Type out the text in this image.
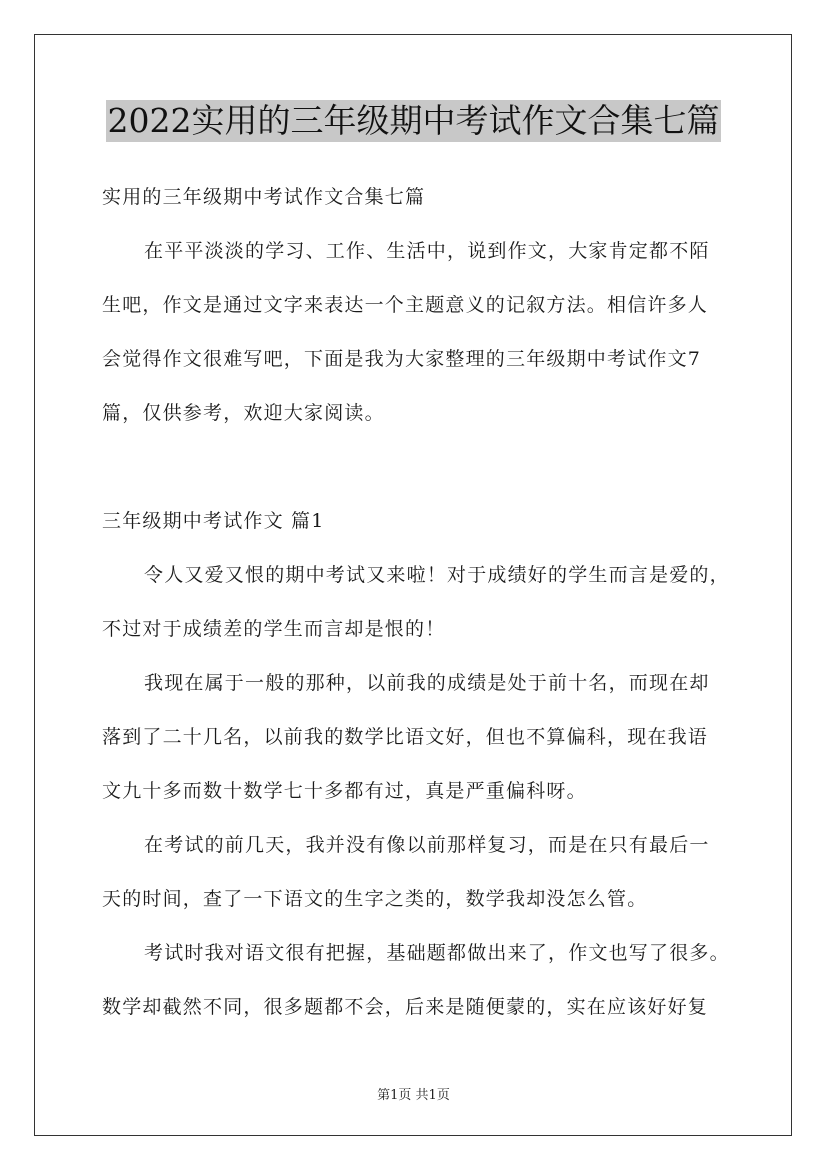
2022实用的三年级期中考试作文合集七篇
实用的三年级期中考试作文合集七篇
在平平淡淡的学习、工作、生活中，说到作文，大家肯定都不陌
生吧，作文是通过文字来表达一个主题意义的记叙方法。相信许多人
会觉得作文很难写吧，下面是我为大家整理的三年级期中考试作文7
篇，仅供参考，欢迎大家阅读。
三年级期中考试作文 篇1
令人又爱又恨的期中考试又来啦！对于成绩好的学生而言是爱的，
不过对于成绩差的学生而言却是恨的！
我现在属于一般的那种，以前我的成绩是处于前十名，而现在却
落到了二十几名，以前我的数学比语文好，但也不算偏科，现在我语
文九十多而数十数学七十多都有过，真是严重偏科呀。
在考试的前几天，我并没有像以前那样复习，而是在只有最后一
天的时间，查了一下语文的生字之类的，数学我却没怎么管。
考试时我对语文很有把握，基础题都做出来了，作文也写了很多。
数学却截然不同，很多题都不会，后来是随便蒙的，实在应该好好复
第1页 共1页
